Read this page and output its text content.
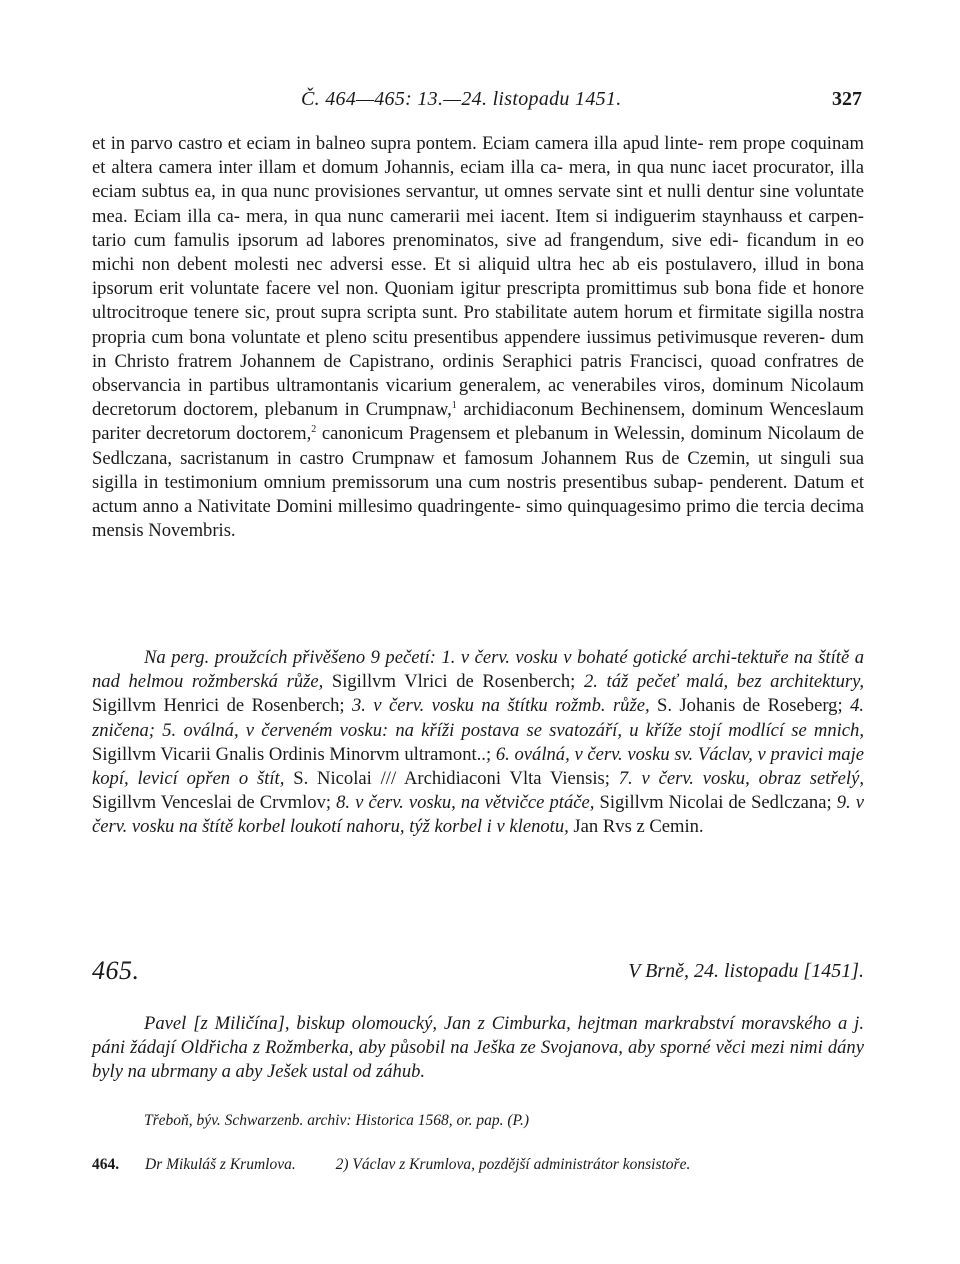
Č. 464—465: 13.—24. listopadu 1451.	327

et in parvo castro et eciam in balneo supra pontem. Eciam camera illa apud lintе- rem prope coquinam et altera camera inter illam et domum Johannis, eciam illa ca- mera, in qua nunc iacet procurator, illa eciam subtus ea, in qua nunc provisiones servantur, ut omnes servate sint et nulli dentur sine voluntate mea. Eciam illa ca- mera, in qua nunc camerarii mei iacent. Item si indiguerim staynhauss et carpen- tario cum famulis ipsorum ad labores prenominatos, sive ad frangendum, sive edi- ficandum in eo michi non debent molesti nec adversi esse. Et si aliquid ultra hec ab eis postulavero, illud in bona ipsorum erit voluntate facere vel non. Quoniam igitur prescripta promittimus sub bona fide et honore ultrocitroque tenere sic, prout supra scripta sunt. Pro stabilitate autem horum et firmitate sigilla nostra propria cum bona voluntate et pleno scitu presentibus appendere iussimus petivimusque reveren- dum in Christo fratrem Johannem de Capistrano, ordinis Seraphici patris Francisci, quoad confratres de observancia in partibus ultramontanis vicarium generalem, ac venerabiles viros, dominum Nicolaum decretorum doctorem, plebanum in Crumpnaw,$^1$ archidiaconum Bechinensem, dominum Wenceslaum pariter decretorum doctorem,$^2$ canonicum Pragensem et plebanum in Welessin, dominum Nicolaum de Sedlczana, sacristanum in castro Crumpnaw et famosum Johannem Rus de Czemin, ut singuli sua sigilla in testimonium omnium premissorum una cum nostris presentibus subap- penderent. Datum et actum anno a Nativitate Domini millesimo quadringente- simo quinquagesimo primo die tercia decima mensis Novembris.

Na perg. proužcích přivěšeno 9 pečetí: 1. v červ. vosku v bohaté gotické archi-tektuře na štítě a nad helmou rožmberská růže, Sigillvm Vlrici de Rosenberch; 2. táž pečeť malá, bez architektury, Sigillvm Henrici de Rosenberch; 3. v červ. vosku na štítku rožmb. růže, S. Johanis de Roseberg; 4. zničena; 5. oválná, v červeném vosku: na kříži postava se svatozáří, u kříže stojí modlící se mnich, Sigillvm Vicarii Gnalis Ordinis Minorvm ultramont..; 6. oválná, v červ. vosku sv. Václav, v pravici maje kopí, levicí opřen o štít, S. Nicolai /// Archidiaconi Vlta Viensis; 7. v červ. vosku, obraz setřelý, Sigillvm Venceslai de Crvmlov; 8. v červ. vosku, na větvičce ptáče, Sigillvm Nicolai de Sedlczana; 9. v červ. vosku na štítě korbel loukotí nahoru, týž korbel i v klenotu, Jan Rvs z Cemin.

465.	V Brně, 24. listopadu [1451].

Pavel [z Miličína], biskup olomoucký, Jan z Cimburka, hejtman markrabství moravského a j. páni žádají Oldřicha z Rožmberka, aby působil na Ješka ze Svojanova, aby sporné věci mezi nimi dány byly na ubrmany a aby Ješek ustal od záhub.

Třeboň, býv. Schwarzenb. archiv: Historica 1568, or. pap. (P.)
464. Dr Mikuláš z Krumlova.	2) Václav z Krumlova, pozdější administrátor konsistoře.
